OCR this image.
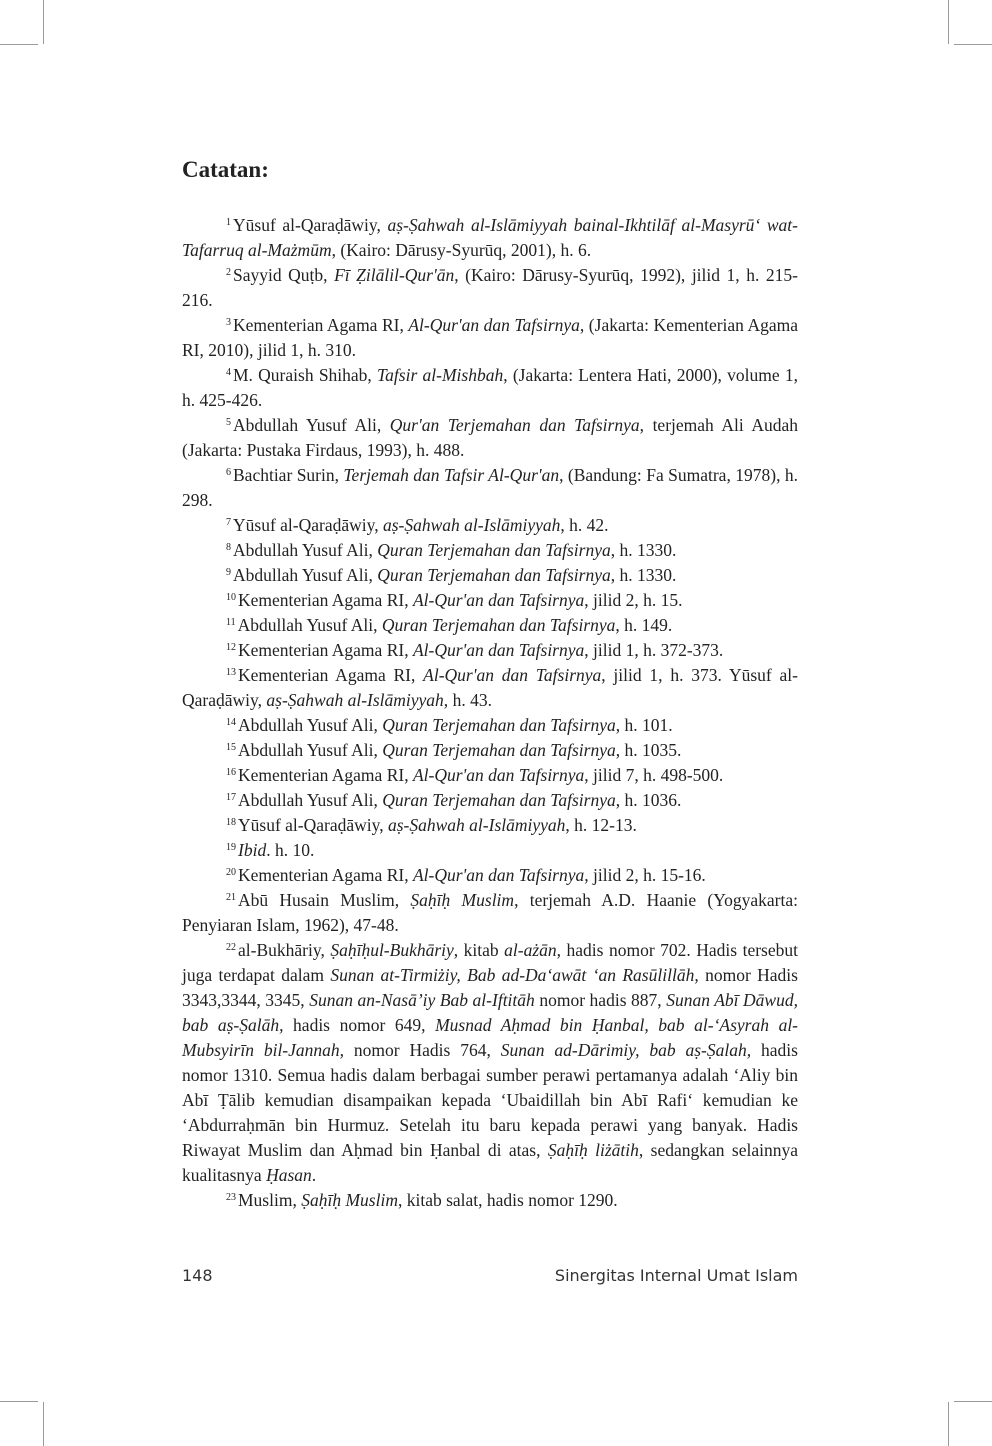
Catatan:

$^1$ Yūsuf al-Qaraḍāwiy, aṣ-Ṣahwah al-Islāmiyyah bainal-Ikhtilāf al-Masyrū‘ wat-Tafarruq al-Mażmūm, (Kairo: Dārusy-Syurūq, 2001), h. 6.

$^2$ Sayyid Quṭb, Fī Ẓilālil-Qur'ān, (Kairo: Dārusy-Syurūq, 1992), jilid 1, h. 215-216.

$^3$ Kementerian Agama RI, Al-Qur'an dan Tafsirnya, (Jakarta: Kementerian Agama RI, 2010), jilid 1, h. 310.

$^4$ M. Quraish Shihab, Tafsir al-Mishbah, (Jakarta: Lentera Hati, 2000), volume 1, h. 425-426.

$^5$ Abdullah Yusuf Ali, Qur'an Terjemahan dan Tafsirnya, terjemah Ali Audah (Jakarta: Pustaka Firdaus, 1993), h. 488.

$^6$ Bachtiar Surin, Terjemah dan Tafsir Al-Qur'an, (Bandung: Fa Sumatra, 1978), h. 298.

$^7$ Yūsuf al-Qaraḍāwiy, aṣ-Ṣahwah al-Islāmiyyah, h. 42.

$^8$ Abdullah Yusuf Ali, Quran Terjemahan dan Tafsirnya, h. 1330.

$^9$ Abdullah Yusuf Ali, Quran Terjemahan dan Tafsirnya, h. 1330.

$^{10}$ Kementerian Agama RI, Al-Qur'an dan Tafsirnya, jilid 2, h. 15.

$^{11}$ Abdullah Yusuf Ali, Quran Terjemahan dan Tafsirnya, h. 149.

$^{12}$ Kementerian Agama RI, Al-Qur'an dan Tafsirnya, jilid 1, h. 372-373.

$^{13}$ Kementerian Agama RI, Al-Qur'an dan Tafsirnya, jilid 1, h. 373. Yūsuf al-Qaraḍāwiy, aṣ-Ṣahwah al-Islāmiyyah, h. 43.

$^{14}$ Abdullah Yusuf Ali, Quran Terjemahan dan Tafsirnya, h. 101.

$^{15}$ Abdullah Yusuf Ali, Quran Terjemahan dan Tafsirnya, h. 1035.

$^{16}$ Kementerian Agama RI, Al-Qur'an dan Tafsirnya, jilid 7, h. 498-500.

$^{17}$ Abdullah Yusuf Ali, Quran Terjemahan dan Tafsirnya, h. 1036.

$^{18}$ Yūsuf al-Qaraḍāwiy, aṣ-Ṣahwah al-Islāmiyyah, h. 12-13.

$^{19}$ Ibid. h. 10.

$^{20}$ Kementerian Agama RI, Al-Qur'an dan Tafsirnya, jilid 2, h. 15-16.

$^{21}$ Abū Husain Muslim, Ṣaḥīḥ Muslim, terjemah A.D. Haanie (Yogyakarta: Penyiaran Islam, 1962), 47-48.

$^{22}$ al-Bukhāriy, Ṣaḥīḥul-Bukhāriy, kitab al-ażān, hadis nomor 702. Hadis tersebut juga terdapat dalam Sunan at-Tirmiżiy, Bab ad-Da‘awāt ‘an Rasūlillāh, nomor Hadis 3343,3344, 3345, Sunan an-Nasā’iy Bab al-Iftitāh nomor hadis 887, Sunan Abī Dāwud, bab aṣ-Ṣalāh, hadis nomor 649, Musnad Aḥmad bin Ḥanbal, bab al-‘Asyrah al-Mubsyirīn bil-Jannah, nomor Hadis 764, Sunan ad-Dārimiy, bab aṣ-Ṣalah, hadis nomor 1310. Semua hadis dalam berbagai sumber perawi pertamanya adalah ‘Aliy bin Abī Ṭālib kemudian disampaikan kepada ‘Ubaidillah bin Abī Rafi‘ kemudian ke ‘Abdurraḥmān bin Hurmuz. Setelah itu baru kepada perawi yang banyak. Hadis Riwayat Muslim dan Aḥmad bin Ḥanbal di atas, Ṣaḥīḥ liżātih, sedangkan selainnya kualitasnya Ḥasan.

$^{23}$ Muslim, Ṣaḥīḥ Muslim, kitab salat, hadis nomor 1290.

148	Sinergitas Internal Umat Islam
